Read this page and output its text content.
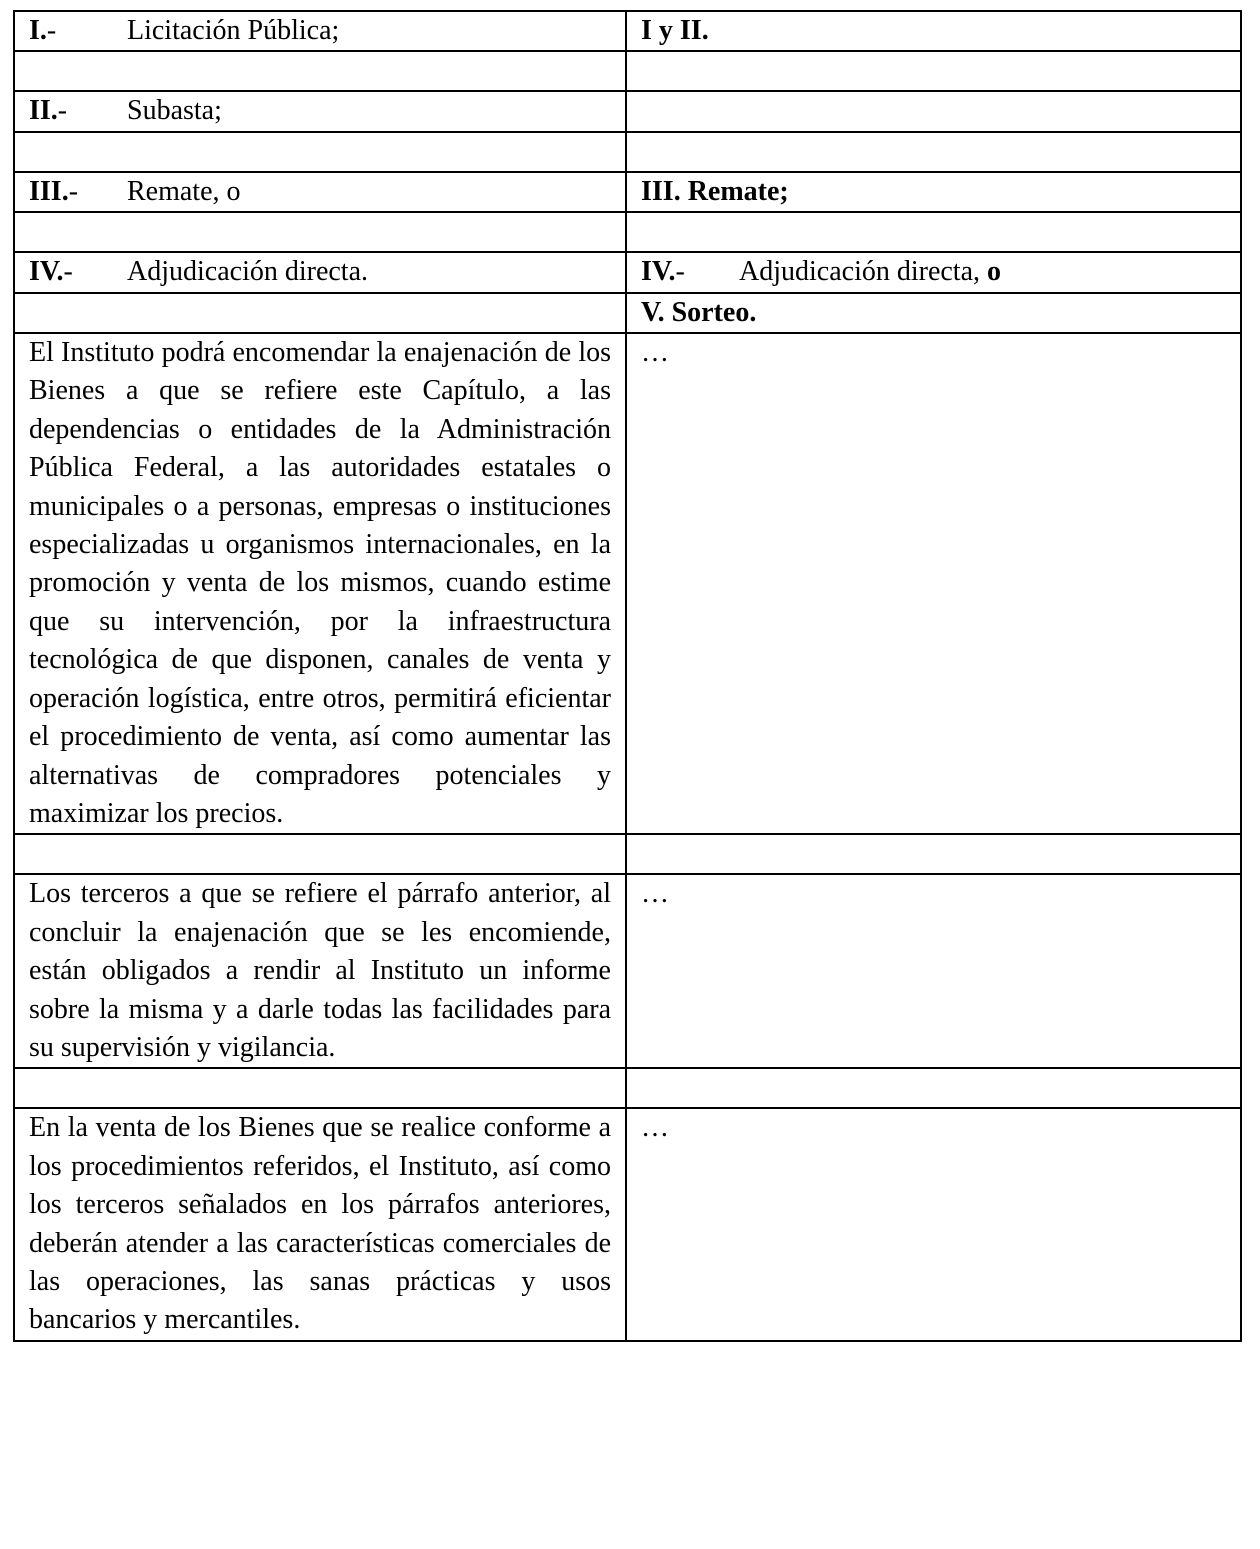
I.- Licitación Pública;	I y II.

II.- Subasta;	

III.- Remate, o	III. Remate;

IV.- Adjudicación directa.	IV.- Adjudicación directa, o
	V. Sorteo.

El Instituto podrá encomendar la enajenación de los Bienes a que se refiere este Capítulo, a las dependencias o entidades de la Administración Pública Federal, a las autoridades estatales o municipales o a personas, empresas o instituciones especializadas u organismos internacionales, en la promoción y venta de los mismos, cuando estime que su intervención, por la infraestructura tecnológica de que disponen, canales de venta y operación logística, entre otros, permitirá eficientar el procedimiento de venta, así como aumentar las alternativas de compradores potenciales y maximizar los precios.	…

Los terceros a que se refiere el párrafo anterior, al concluir la enajenación que se les encomiende, están obligados a rendir al Instituto un informe sobre la misma y a darle todas las facilidades para su supervisión y vigilancia.	…

En la venta de los Bienes que se realice conforme a los procedimientos referidos, el Instituto, así como los terceros señalados en los párrafos anteriores, deberán atender a las características comerciales de las operaciones, las sanas prácticas y usos bancarios y mercantiles.	…
